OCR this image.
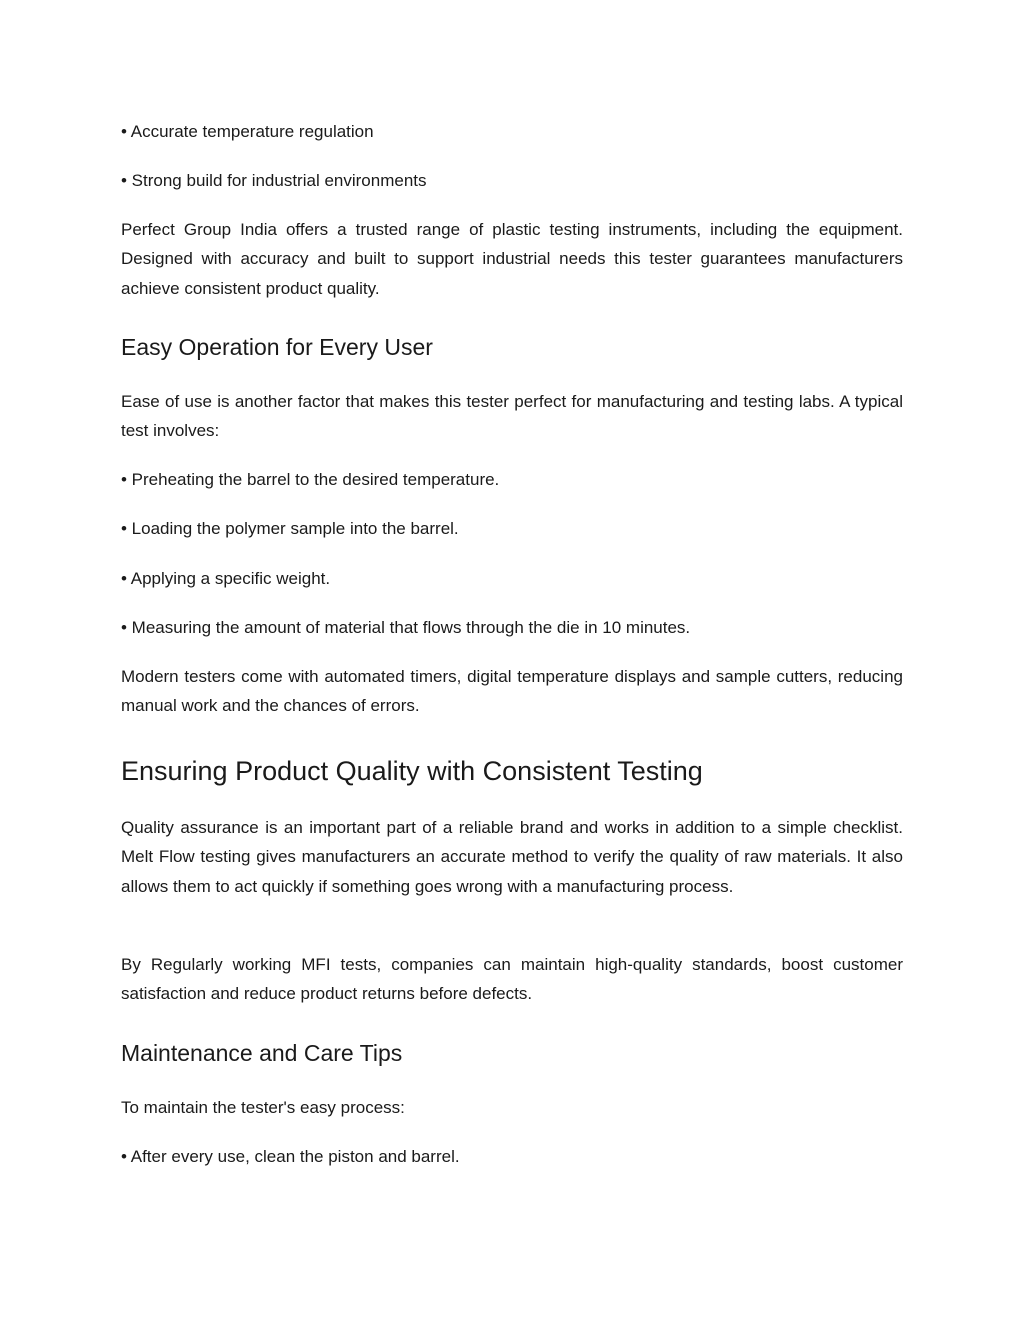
• Accurate temperature regulation
• Strong build for industrial environments
Perfect Group India offers a trusted range of plastic testing instruments, including the equipment. Designed with accuracy and built to support industrial needs this tester guarantees manufacturers achieve consistent product quality.
Easy Operation for Every User
Ease of use is another factor that makes this tester perfect for manufacturing and testing labs. A typical test involves:
• Preheating the barrel to the desired temperature.
• Loading the polymer sample into the barrel.
• Applying a specific weight.
• Measuring the amount of material that flows through the die in 10 minutes.
Modern testers come with automated timers, digital temperature displays and sample cutters, reducing manual work and the chances of errors.
Ensuring Product Quality with Consistent Testing
Quality assurance is an important part of a reliable brand and works in addition to a simple checklist. Melt Flow testing gives manufacturers an accurate method to verify the quality of raw materials. It also allows them to act quickly if something goes wrong with a manufacturing process.
By Regularly working MFI tests, companies can maintain high-quality standards, boost customer satisfaction and reduce product returns before defects.
Maintenance and Care Tips
To maintain the tester's easy process:
• After every use, clean the piston and barrel.
